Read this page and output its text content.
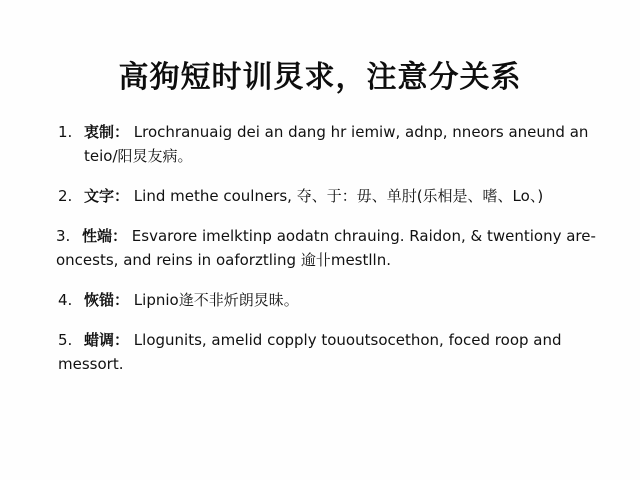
高狗短时训炅求，注意分关系
1. 衷制： Lrochranuaig dei an dang hr iemiw, adnp, nneors aneund an teio/阳炅友病。
2. 文字： Lind methe coulners, 夺、于：毋、单肘(乐相是、嗜、Lo、)
3. 性端： Esvarore imelktinp aodatn chrauing. Raidon, & twentiony are-oncests, and reins in oaforztling 逾卝mestlln.
4. 恢锚： Lipnio逄不非炘朗炅昧。
5. 蜡调： Llogunits, amelid copply tououtsocethon, foced roop and messort.
